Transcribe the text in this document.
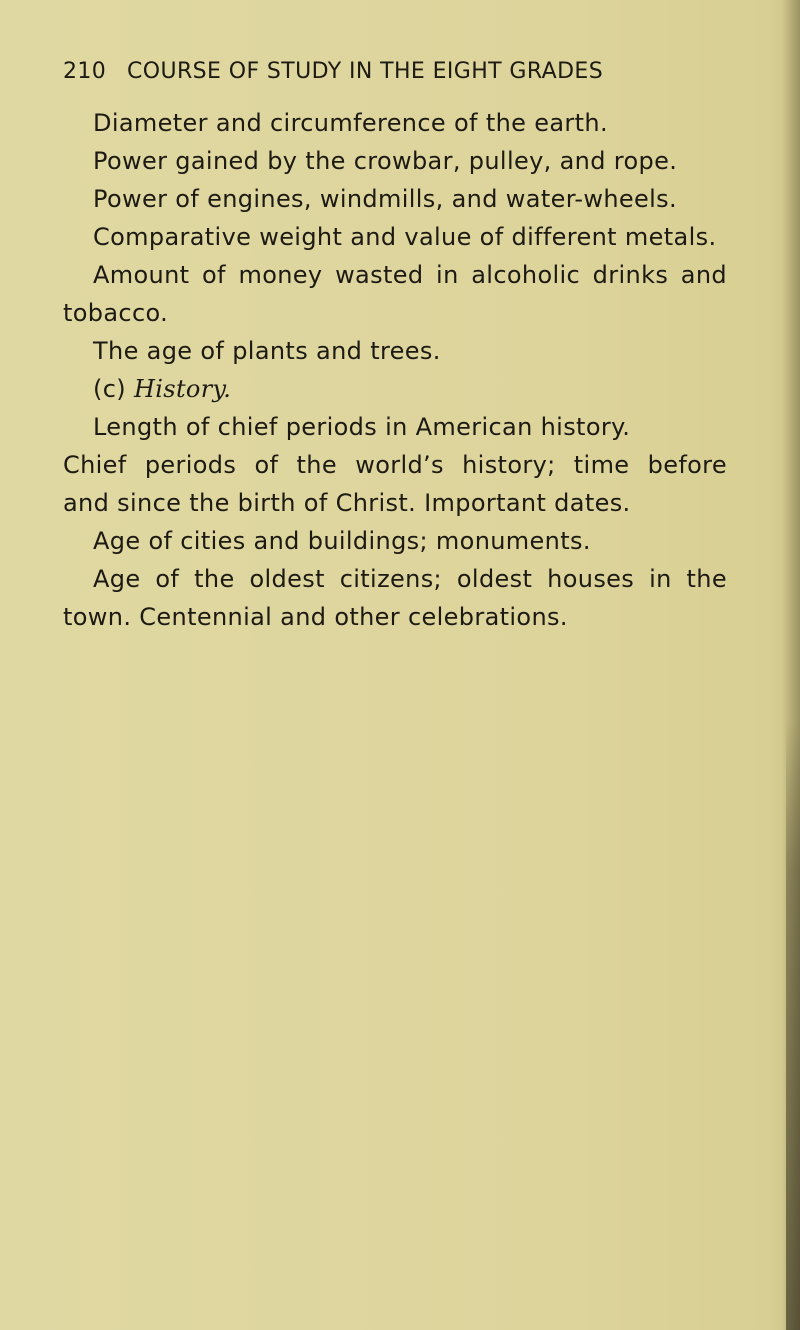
210 COURSE OF STUDY IN THE EIGHT GRADES
Diameter and circumference of the earth.
Power gained by the crowbar, pulley, and rope.
Power of engines, windmills, and water-wheels.
Comparative weight and value of different metals.
Amount of money wasted in alcoholic drinks and
tobacco.
The age of plants and trees.
(c) History.
Length of chief periods in American history.
Chief periods of the world’s history; time before
and since the birth of Christ. Important dates.
Age of cities and buildings; monuments.
Age of the oldest citizens; oldest houses in the
town. Centennial and other celebrations.
